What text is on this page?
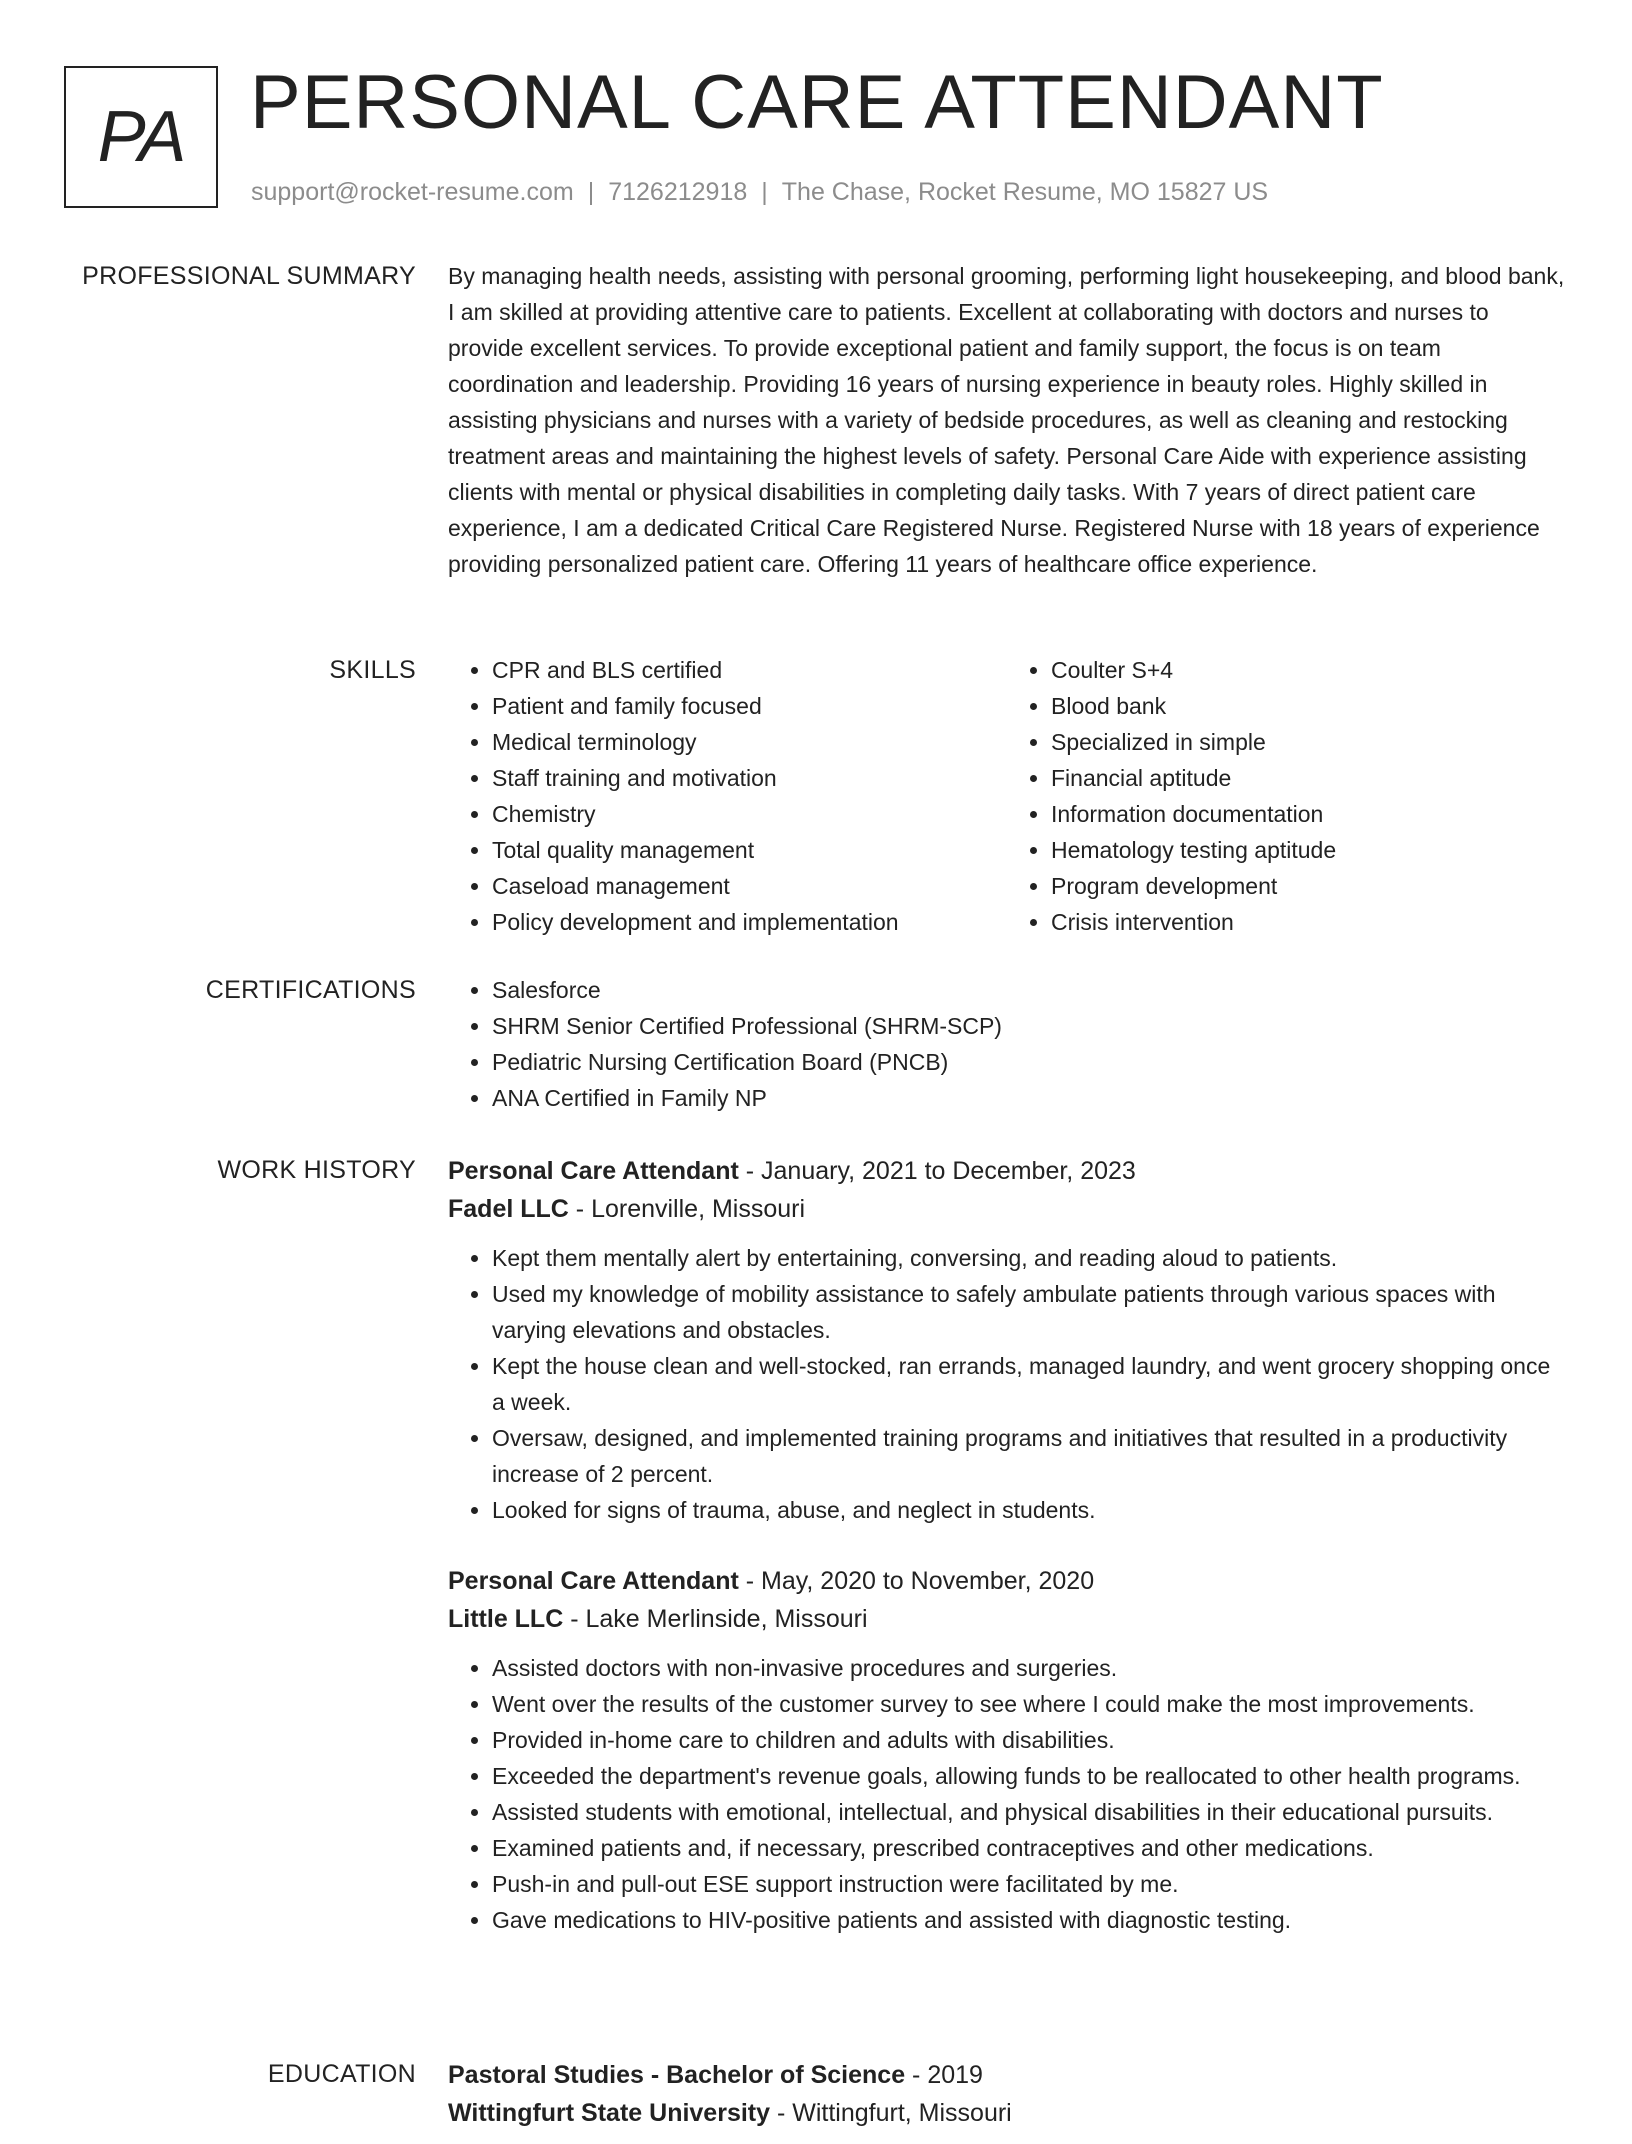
PA PERSONAL CARE ATTENDANT
support@rocket-resume.com | 7126212918 | The Chase, Rocket Resume, MO 15827 US
PROFESSIONAL SUMMARY By managing health needs, assisting with personal grooming, performing light housekeeping, and blood bank, I am skilled at providing attentive care to patients. Excellent at collaborating with doctors and nurses to provide excellent services. To provide exceptional patient and family support, the focus is on team coordination and leadership. Providing 16 years of nursing experience in beauty roles. Highly skilled in assisting physicians and nurses with a variety of bedside procedures, as well as cleaning and restocking treatment areas and maintaining the highest levels of safety. Personal Care Aide with experience assisting clients with mental or physical disabilities in completing daily tasks. With 7 years of direct patient care experience, I am a dedicated Critical Care Registered Nurse. Registered Nurse with 18 years of experience providing personalized patient care. Offering 11 years of healthcare office experience.

SKILLS	• CPR and BLS certified
• Patient and family focused
• Medical terminology
• Staff training and motivation
• Chemistry
• Total quality management
• Caseload management
• Policy development and implementation
• Coulter S+4
• Blood bank
• Specialized in simple
• Financial aptitude
• Information documentation
• Hematology testing aptitude
• Program development
• Crisis intervention
CERTIFICATIONS	• Salesforce
• SHRM Senior Certified Professional (SHRM-SCP)
• Pediatric Nursing Certification Board (PNCB)
• ANA Certified in Family NP
WORK HISTORY Personal Care Attendant - January, 2021 to December, 2023
Fadel LLC - Lorenville, Missouri
• Kept them mentally alert by entertaining, conversing, and reading aloud to patients.
• Used my knowledge of mobility assistance to safely ambulate patients through various spaces with varying elevations and obstacles.
• Kept the house clean and well-stocked, ran errands, managed laundry, and went grocery shopping once a week.
• Oversaw, designed, and implemented training programs and initiatives that resulted in a productivity increase of 2 percent.
• Looked for signs of trauma, abuse, and neglect in students.
Personal Care Attendant - May, 2020 to November, 2020
Little LLC - Lake Merlinside, Missouri
• Assisted doctors with non-invasive procedures and surgeries.
• Went over the results of the customer survey to see where I could make the most improvements.
• Provided in-home care to children and adults with disabilities.
• Exceeded the department's revenue goals, allowing funds to be reallocated to other health programs.
• Assisted students with emotional, intellectual, and physical disabilities in their educational pursuits.
• Examined patients and, if necessary, prescribed contraceptives and other medications.
• Push-in and pull-out ESE support instruction were facilitated by me.
• Gave medications to HIV-positive patients and assisted with diagnostic testing.
EDUCATION Pastoral Studies - Bachelor of Science - 2019
Wittingfurt State University - Wittingfurt, Missouri
